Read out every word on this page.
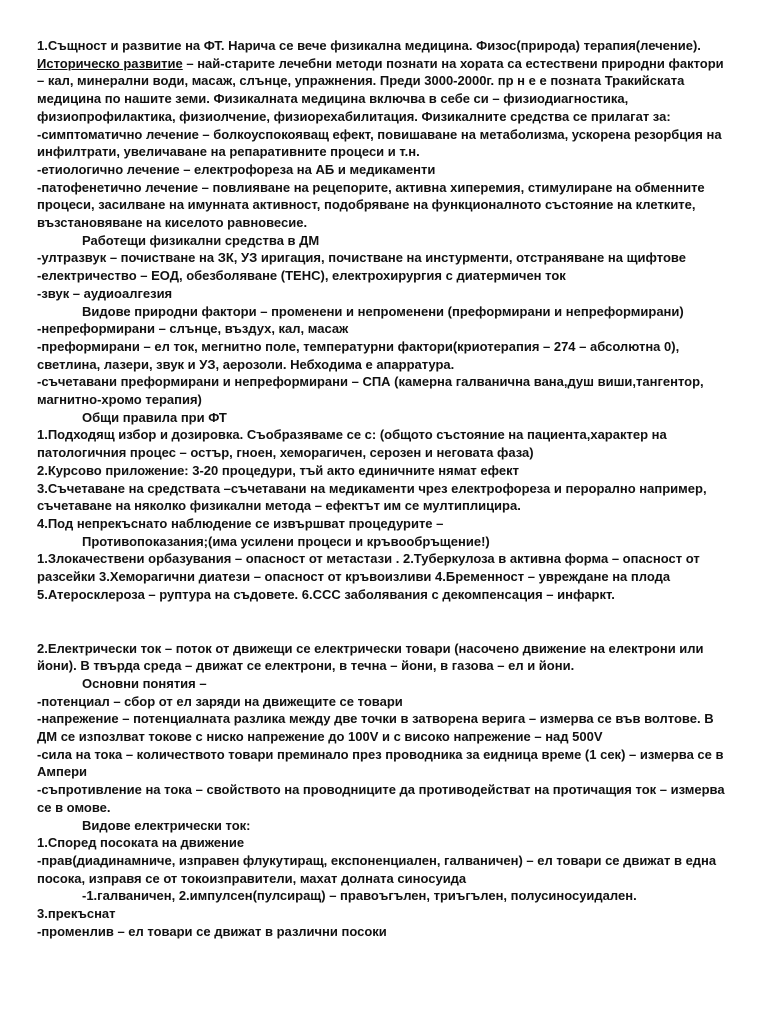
1.Същност и развитие на ФТ. Нарича се вече физикална медицина. Физос(природа) терапия(лечение). Историческо развитие – най-старите лечебни методи познати на хората са естествени природни фактори – кал, минерални води, масаж, слънце, упражнения. Преди 3000-2000г. пр н е е позната Тракийската медицина по нашите земи. Физикалната медицина включва в себе си – физиодиагностика, физиопрофилактика, физиолчение, физиорехабилитация. Физикалните средства се прилагат за:

-симптоматично лечение – болкоуспокояващ ефект, повишаване на метаболизма, ускорена резорбция на инфилтрати, увеличаване на репаративните процеси и т.н.

-етиологично лечение – електрофореза на АБ и медикаменти

-патофенетично лечение – повлияване на рецепорите, активна хиперемия, стимулиране на обменните процеси, засилване на имунната активност, подобряване на функционалното състояние на клетките, възстановяване на киселото равновесие.

Работещи физикални средства в ДМ

-ултразвук – почистване на ЗК, УЗ иригация, почистване на инстурменти, отстраняване на щифтове

-електричество – ЕОД, обезболяване (ТЕНС), електрохирургия с диатермичен ток

-звук – аудиоалгезия

Видове природни фактори – променени и непроменени (преформирани и непреформирани)

-непреформирани – слънце, въздух, кал, масаж

-преформирани – ел ток, мегнитно поле, температурни фактори(криотерапия – 274 – абсолютна 0), светлина, лазери, звук и УЗ, аерозоли. Небходима е апарратура.

-съчетавани преформирани и непреформирани – СПА (камерна галванична вана,душ виши,тангентор, магнитно-хромо терапия)

Общи правила при ФТ

1.Подходящ избор и дозировка. Съобразяваме се с: (общото състояние на пациента,характер на патологичния процес – остър, гноен, хеморагичен, серозен и неговата фаза)

2.Курсово приложение: 3-20 процедури, тъй акто единичните нямат ефект

3.Съчетаване на средствата –съчетавани на медикаменти чрез електрофореза и перорално например, съчетаване на няколко физикални метода – ефектът им се мултиплицира.

4.Под непрекъснато наблюдение се извършват процедурите –

Противопоказания;(има усилени процеси и кръвообръщение!)

1.Злокачествени орбазувания – опасност от метастази . 2.Туберкулоза в активна форма – опасност от разсейки 3.Хеморагични диатези – опасност от кръвоизливи 4.Бременност – увреждане на плода 5.Атеросклероза – руптура на съдовете. 6.ССС заболявания с декомпенсация – инфаркт.

2.Електрически ток – поток от движещи се електрически товари (насочено движение на електрони или йони). В твърда среда – движат се електрони, в течна – йони, в газова – ел и йони.

Основни понятия –

-потенциал – сбор от ел заряди на движещите се товари

-напрежение – потенциалната разлика между две точки в затворена верига – измерва се във волтове. В ДМ се изпозлват токове с ниско напрежение до 100V и с високо напрежение – над 500V

-сила на тока – количеството товари преминало през проводника за еидница време (1 сек) – измерва се в Ампери

-съпротивление на тока – свойството на проводниците да противодействат на протичащия ток – измерва се в омове.

Видове електрически ток:

1.Според посоката на движение

-прав(диадинамниче, изправен флукутиращ, експоненциален, галваничен) – ел товари се движат в една посока, изправя се от токоизправители, махат долната синосуида

-1.галваничен, 2.импулсен(пулсиращ) – правоъгълен, триъгълен, полусиносуидален.

3.прекъснат

-променлив – ел товари се движат в различни посоки
